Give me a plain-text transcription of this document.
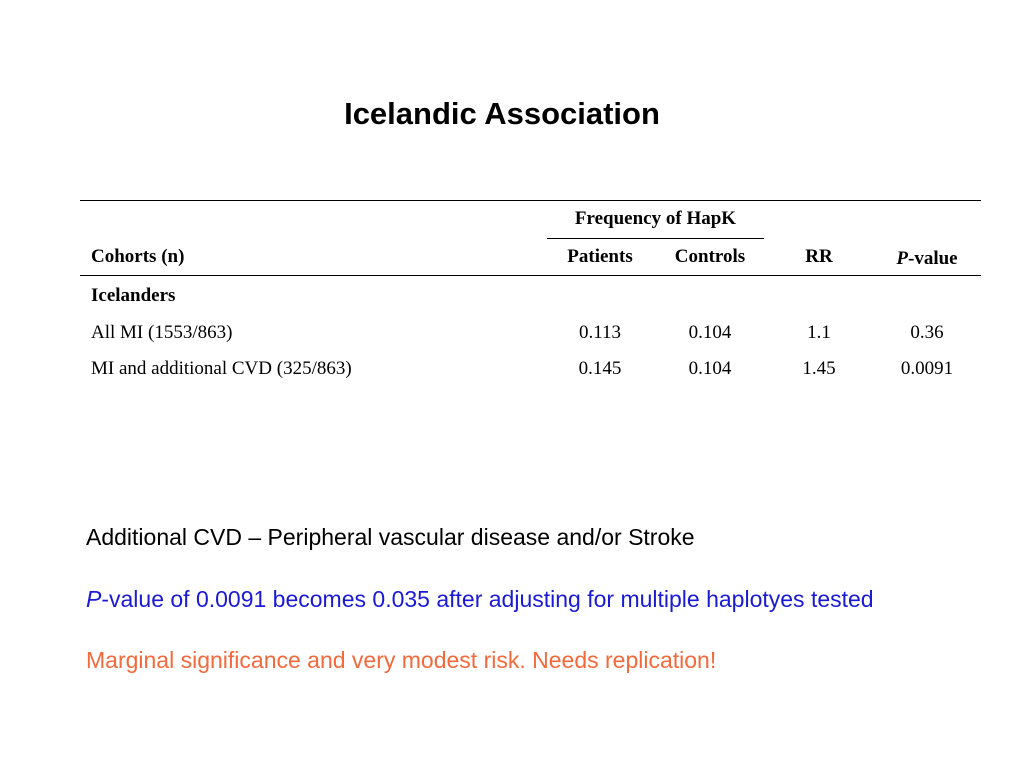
Icelandic Association
Frequency of HapK
Cohorts (n)	Patients	Controls	RR	P-value
Icelanders
All MI (1553/863)	0.113	0.104	1.1	0.36
MI and additional CVD (325/863)	0.145	0.104	1.45	0.0091
Additional CVD – Peripheral vascular disease and/or Stroke
P-value of 0.0091 becomes 0.035 after adjusting for multiple haplotyes tested
Marginal significance and very modest risk. Needs replication!
